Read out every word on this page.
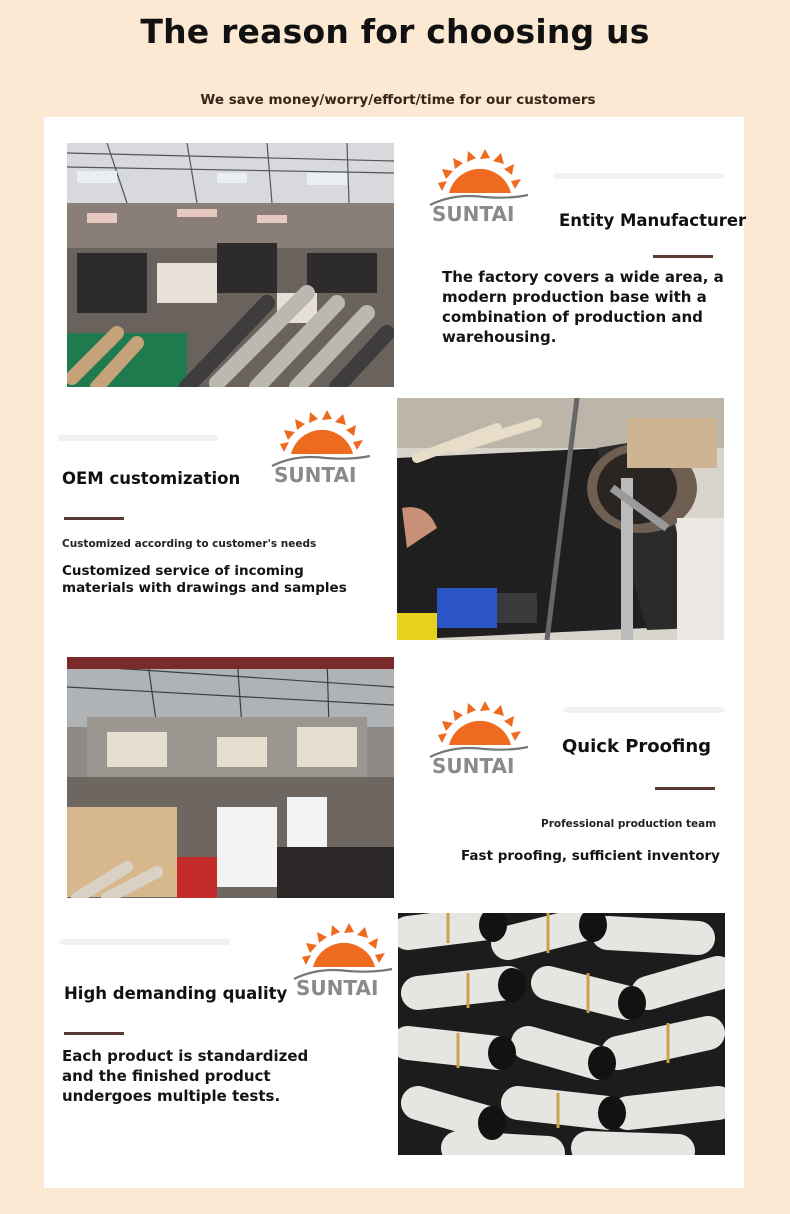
The reason for choosing us
We save money/worry/effort/time for our customers
SUNTAI	Entity Manufacturer
The factory covers a wide area, a
modern production base with a
combination of production and
warehousing.
SUNTAI
OEM customization
Customized according to customer's needs
Customized service of incoming
materials with drawings and samples
SUNTAI
Quick Proofing
Professional production team
Fast proofing, sufficient inventory
SUNTAI
High demanding quality
Each product is standardized
and the finished product
undergoes multiple tests.
